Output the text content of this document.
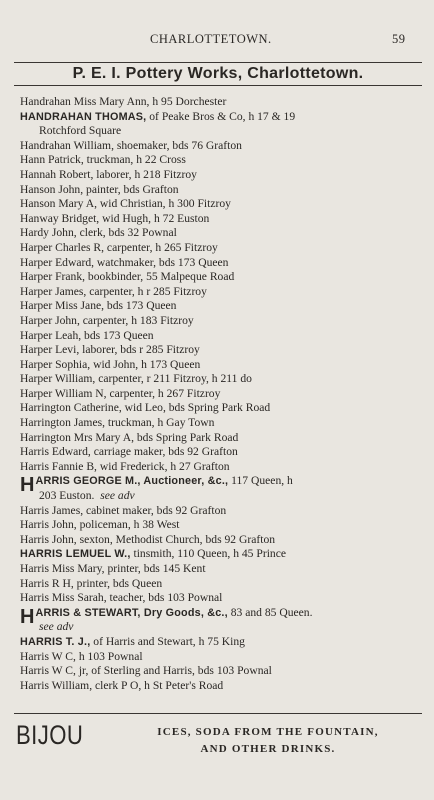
CHARLOTTETOWN.	59
P. E. I. Pottery Works, Charlottetown.
Handrahan Miss Mary Ann, h 95 Dorchester
HANDRAHAN THOMAS, of Peake Bros & Co, h 17 & 19
Rotchford Square
Handrahan William, shoemaker, bds 76 Grafton
Hann Patrick, truckman, h 22 Cross
Hannah Robert, laborer, h 218 Fitzroy
Hanson John, painter, bds Grafton
Hanson Mary A, wid Christian, h 300 Fitzroy
Hanway Bridget, wid Hugh, h 72 Euston
Hardy John, clerk, bds 32 Pownal
Harper Charles R, carpenter, h 265 Fitzroy
Harper Edward, watchmaker, bds 173 Queen
Harper Frank, bookbinder, 55 Malpeque Road
Harper James, carpenter, h r 285 Fitzroy
Harper Miss Jane, bds 173 Queen
Harper John, carpenter, h 183 Fitzroy
Harper Leah, bds 173 Queen
Harper Levi, laborer, bds r 285 Fitzroy
Harper Sophia, wid John, h 173 Queen
Harper William, carpenter, r 211 Fitzroy, h 211 do
Harper William N, carpenter, h 267 Fitzroy
Harrington Catherine, wid Leo, bds Spring Park Road
Harrington James, truckman, h Gay Town
Harrington Mrs Mary A, bds Spring Park Road
Harris Edward, carriage maker, bds 92 Grafton
Harris Fannie B, wid Frederick, h 27 Grafton
HARRIS GEORGE M., Auctioneer, &c., 117 Queen, h
203 Euston. see adv
Harris James, cabinet maker, bds 92 Grafton
Harris John, policeman, h 38 West
Harris John, sexton, Methodist Church, bds 92 Grafton
HARRIS LEMUEL W., tinsmith, 110 Queen, h 45 Prince
Harris Miss Mary, printer, bds 145 Kent
Harris R H, printer, bds Queen
Harris Miss Sarah, teacher, bds 103 Pownal
HARRIS & STEWART, Dry Goods, &c., 83 and 85 Queen.
see adv
HARRIS T. J., of Harris and Stewart, h 75 King
Harris W C, h 103 Pownal
Harris W C, jr, of Sterling and Harris, bds 103 Pownal
Harris William, clerk P O, h St Peter's Road
BIJOU	ICES, SODA FROM THE FOUNTAIN,
AND OTHER DRINKS.
